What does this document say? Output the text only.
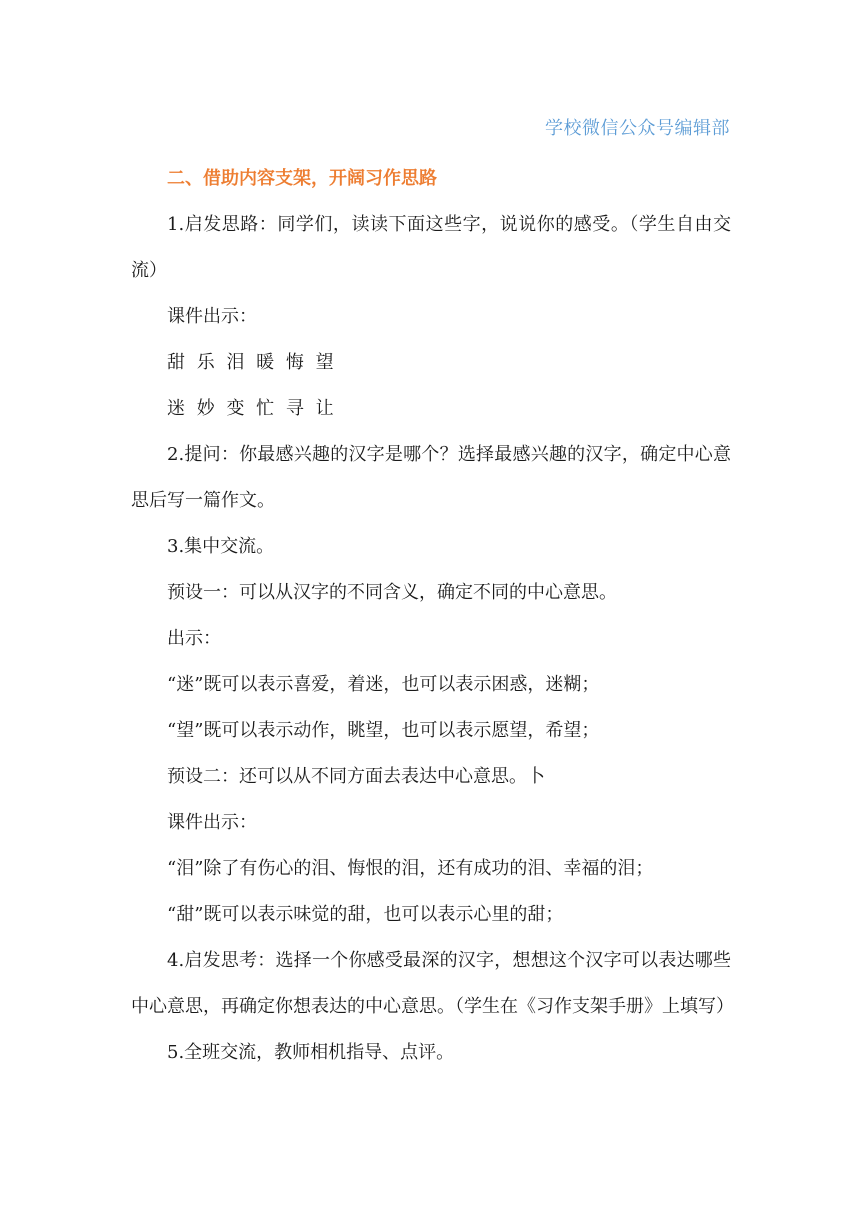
学校微信公众号编辑部

二、借助内容支架，开阔习作思路

1.启发思路：同学们，读读下面这些字，说说你的感受。（学生自由交流）

课件出示：

甜 乐 泪 暖 悔 望

迷 妙 变 忙 寻 让

2.提问：你最感兴趣的汉字是哪个？选择最感兴趣的汉字，确定中心意思后写一篇作文。

3.集中交流。

预设一：可以从汉字的不同含义，确定不同的中心意思。

出示：

“迷”既可以表示喜爱，着迷，也可以表示困惑，迷糊；

“望”既可以表示动作，眺望，也可以表示愿望，希望；

预设二：还可以从不同方面去表达中心意思。卜

课件出示：

“泪”除了有伤心的泪、悔恨的泪，还有成功的泪、幸福的泪；

“甜”既可以表示味觉的甜，也可以表示心里的甜；

4.启发思考：选择一个你感受最深的汉字，想想这个汉字可以表达哪些中心意思，再确定你想表达的中心意思。（学生在《习作支架手册》上填写）

5.全班交流，教师相机指导、点评。
